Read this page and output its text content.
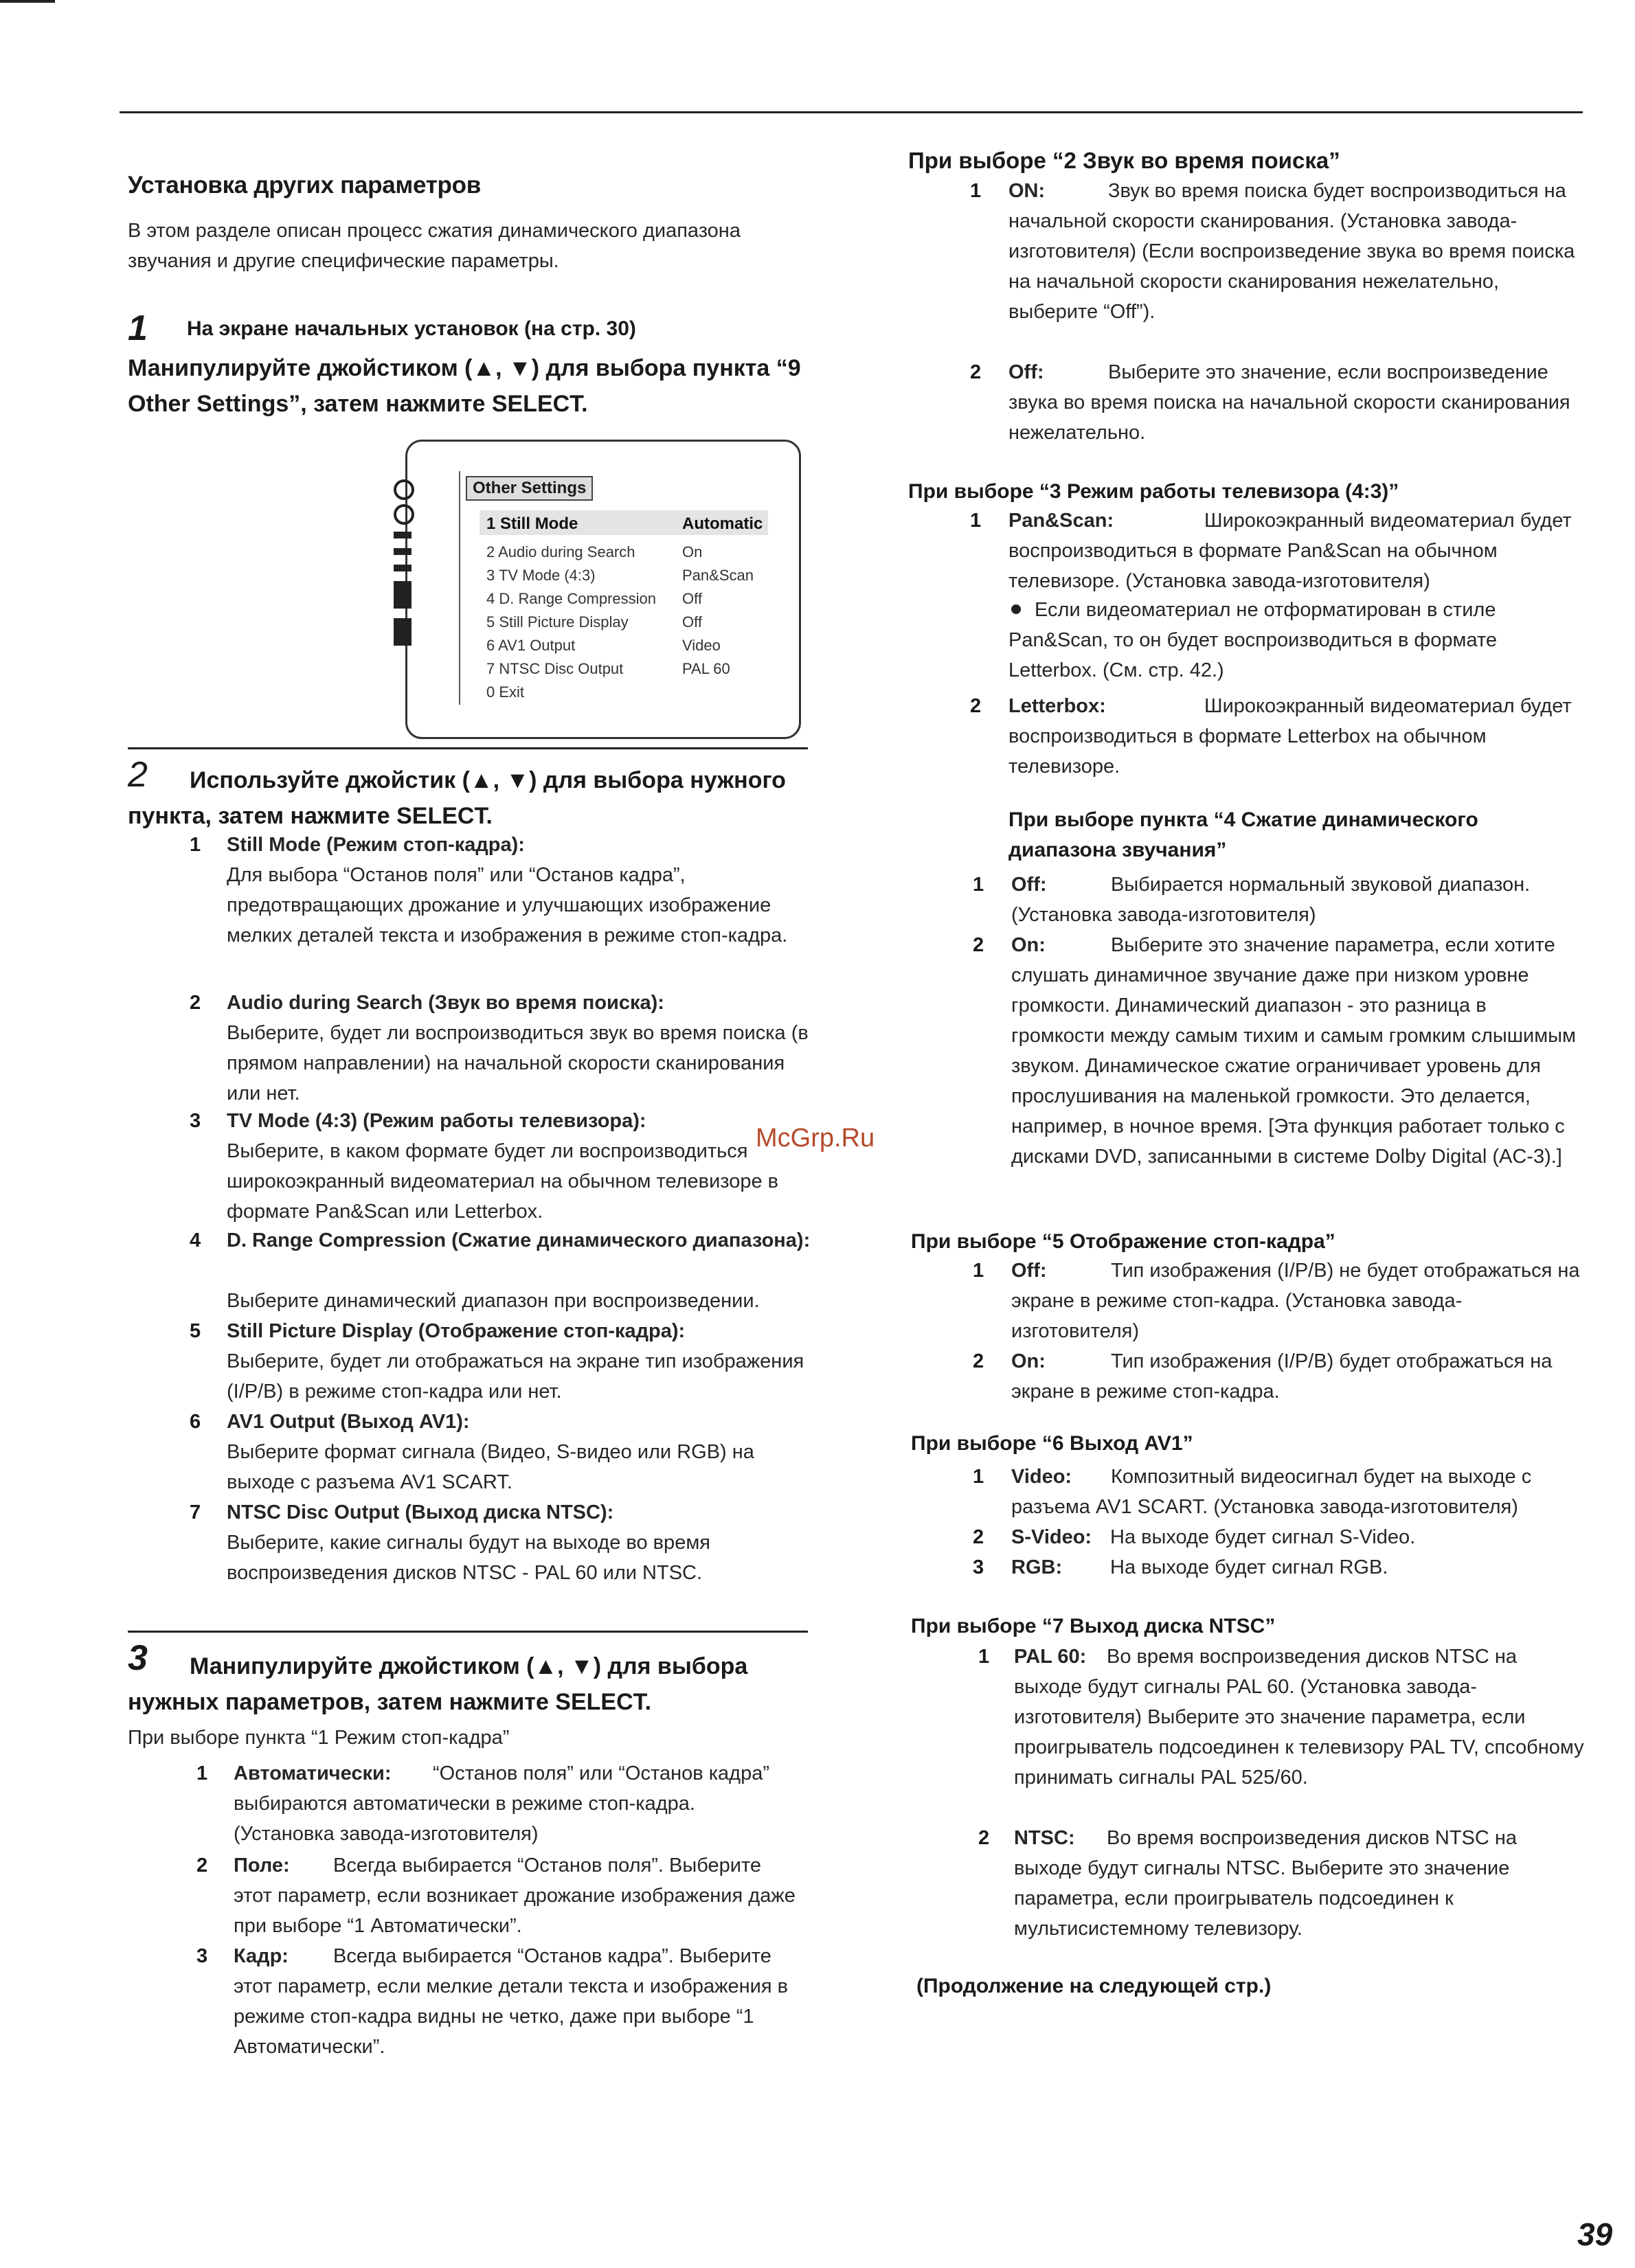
Установка других параметров
В этом разделе описан процесс сжатия динамического диапазона звучания и другие специфические параметры.
1 На экране начальных установок (на стр. 30)
Манипулируйте джойстиком (▲, ▼) для выбора пункта “9 Other Settings”, затем нажмите SELECT.
Other Settings
1 Still Mode	Automatic
2 Audio during Search	On
3 TV Mode (4:3)	Pan&Scan
4 D. Range Compression Off
5 Still Picture Display	Off
6 AV1 Output	Video
7 NTSC Disc Output	PAL 60
0 Exit
2	Используйте джойстик (▲, ▼) для выбора нужного пункта, затем нажмите SELECT.
1 Still Mode (Режим стоп-кадра):
Для выбора “Останов поля” или “Останов кадра”, предотвращающих дрожание и улучшающих изображение мелких деталей текста и изображения в режиме стоп-кадра.
2 Audio during Search (Звук во время поиска):
Выберите, будет ли воспроизводиться звук во время поиска (в прямом направлении) на начальной скорости сканирования или нет.
3 TV Mode (4:3) (Режим работы телевизора):
Выберите, в каком формате будет ли воспроизводиться широкоэкранный видеоматериал на обычном телевизоре в формате Pan&Scan или Letterbox.
4 D. Range Compression (Сжатие динамического диапазона):
Выберите динамический диапазон при воспроизведении.
5 Still Picture Display (Отображение стоп-кадра):
Выберите, будет ли отображаться на экране тип изображения (I/P/B) в режиме стоп-кадра или нет.
6 AV1 Output (Выход AV1):
Выберите формат сигнала (Видео, S-видео или RGB) на выходе с разъема AV1 SCART.
7 NTSC Disc Output (Выход диска NTSC):
Выберите, какие сигналы будут на выходе во время воспроизведения дисков NTSC - PAL 60 или NTSC.
3	Манипулируйте джойстиком (▲, ▼) для выбора нужных параметров, затем нажмите SELECT.
При выборе пункта “1 Режим стоп-кадра”
1 Автоматически:	“Останов поля” или “Останов кадра” выбираются автоматически в режиме стоп-кадра. (Установка завода-изготовителя)
2 Поле:	Всегда выбирается “Останов поля”. Выберите этот параметр, если возникает дрожание изображения даже при выборе “1 Автоматически”.
3 Кадр:	Всегда выбирается “Останов кадра”. Выберите этот параметр, если мелкие детали текста и изображения в режиме стоп-кадра видны не четко, даже при выборе “1 Автоматически”.
При выборе “2 Звук во время поиска”
1 ON:	Звук во время поиска будет воспроизводиться на начальной скорости сканирования. (Установка завода-изготовителя) (Если воспроизведение звука во время поиска на начальной скорости сканирования нежелательно, выберите “Off”).
2 Off:	Выберите это значение, если воспроизведение звука во время поиска на начальной скорости сканирования нежелательно.
При выборе “3 Режим работы телевизора (4:3)”
1 Pan&Scan:	Широкоэкранный видеоматериал будет воспроизводиться в формате Pan&Scan на обычном телевизоре. (Установка завода-изготовителя)
Если видеоматериал не отформатирован в стиле Pan&Scan, то он будет воспроизводиться в формате Letterbox. (См. стр. 42.)
2 Letterbox:	Широкоэкранный видеоматериал будет воспроизводиться в формате Letterbox на обычном телевизоре.
При выборе пункта “4 Сжатие динамического диапазона звучания”
1 Off:	Выбирается нормальный звуковой диапазон. (Установка завода-изготовителя)
2 On:	Выберите это значение параметра, если хотите слушать динамичное звучание даже при низком уровне громкости. Динамический диапазон - это разница в громкости между самым тихим и самым громким слышимым звуком. Динамическое сжатие ограничивает уровень для прослушивания на маленькой громкости. Это делается, например, в ночное время. [Эта функция работает только с дисками DVD, записанными в системе Dolby Digital (AC-3).]
При выборе “5 Отображение стоп-кадра”
1 Off:	Тип изображения (I/P/B) не будет отображаться на экране в режиме стоп-кадра. (Установка завода-изготовителя)
2 On:	Тип изображения (I/P/B) будет отображаться на экране в режиме стоп-кадра.
При выборе “6 Выход AV1”
1 Video:	Композитный видеосигнал будет на выходе с разъема AV1 SCART. (Установка завода-изготовителя)
2 S-Video: На выходе будет сигнал S-Video.
3 RGB: На выходе будет сигнал RGB.
При выборе “7 Выход диска NTSC”
1 PAL 60:	Во время воспроизведения дисков NTSC на выходе будут сигналы PAL 60. (Установка завода-изготовителя) Выберите это значение параметра, если проигрыватель подсоединен к телевизору PAL TV, спсобному принимать сигналы PAL 525/60.
2 NTSC:	Во время воспроизведения дисков NTSC на выходе будут сигналы NTSC. Выберите это значение параметра, если проигрыватель подсоединен к мультисистемному телевизору.
(Продолжение на следующей стр.)
McGrp.Ru
39
